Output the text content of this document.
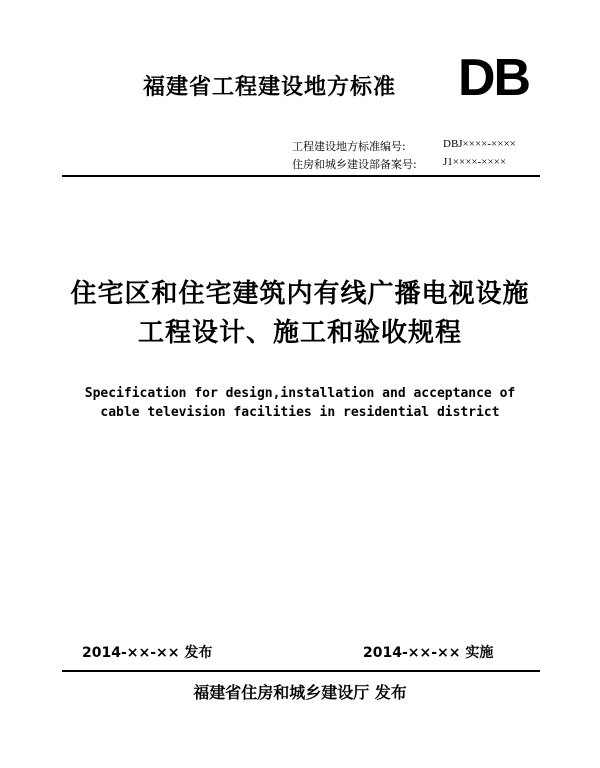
福建省工程建设地方标准 DB
工程建设地方标准编号:	DBJ××××-××××
住房和城乡建设部备案号: J1××××-××××
住宅区和住宅建筑内有线广播电视设施
工程设计、施工和验收规程
Specification for design,installation and acceptance of
cable television facilities in residential district
2014-××-×× 发布	2014-××-×× 实施
福建省住房和城乡建设厅 发布
